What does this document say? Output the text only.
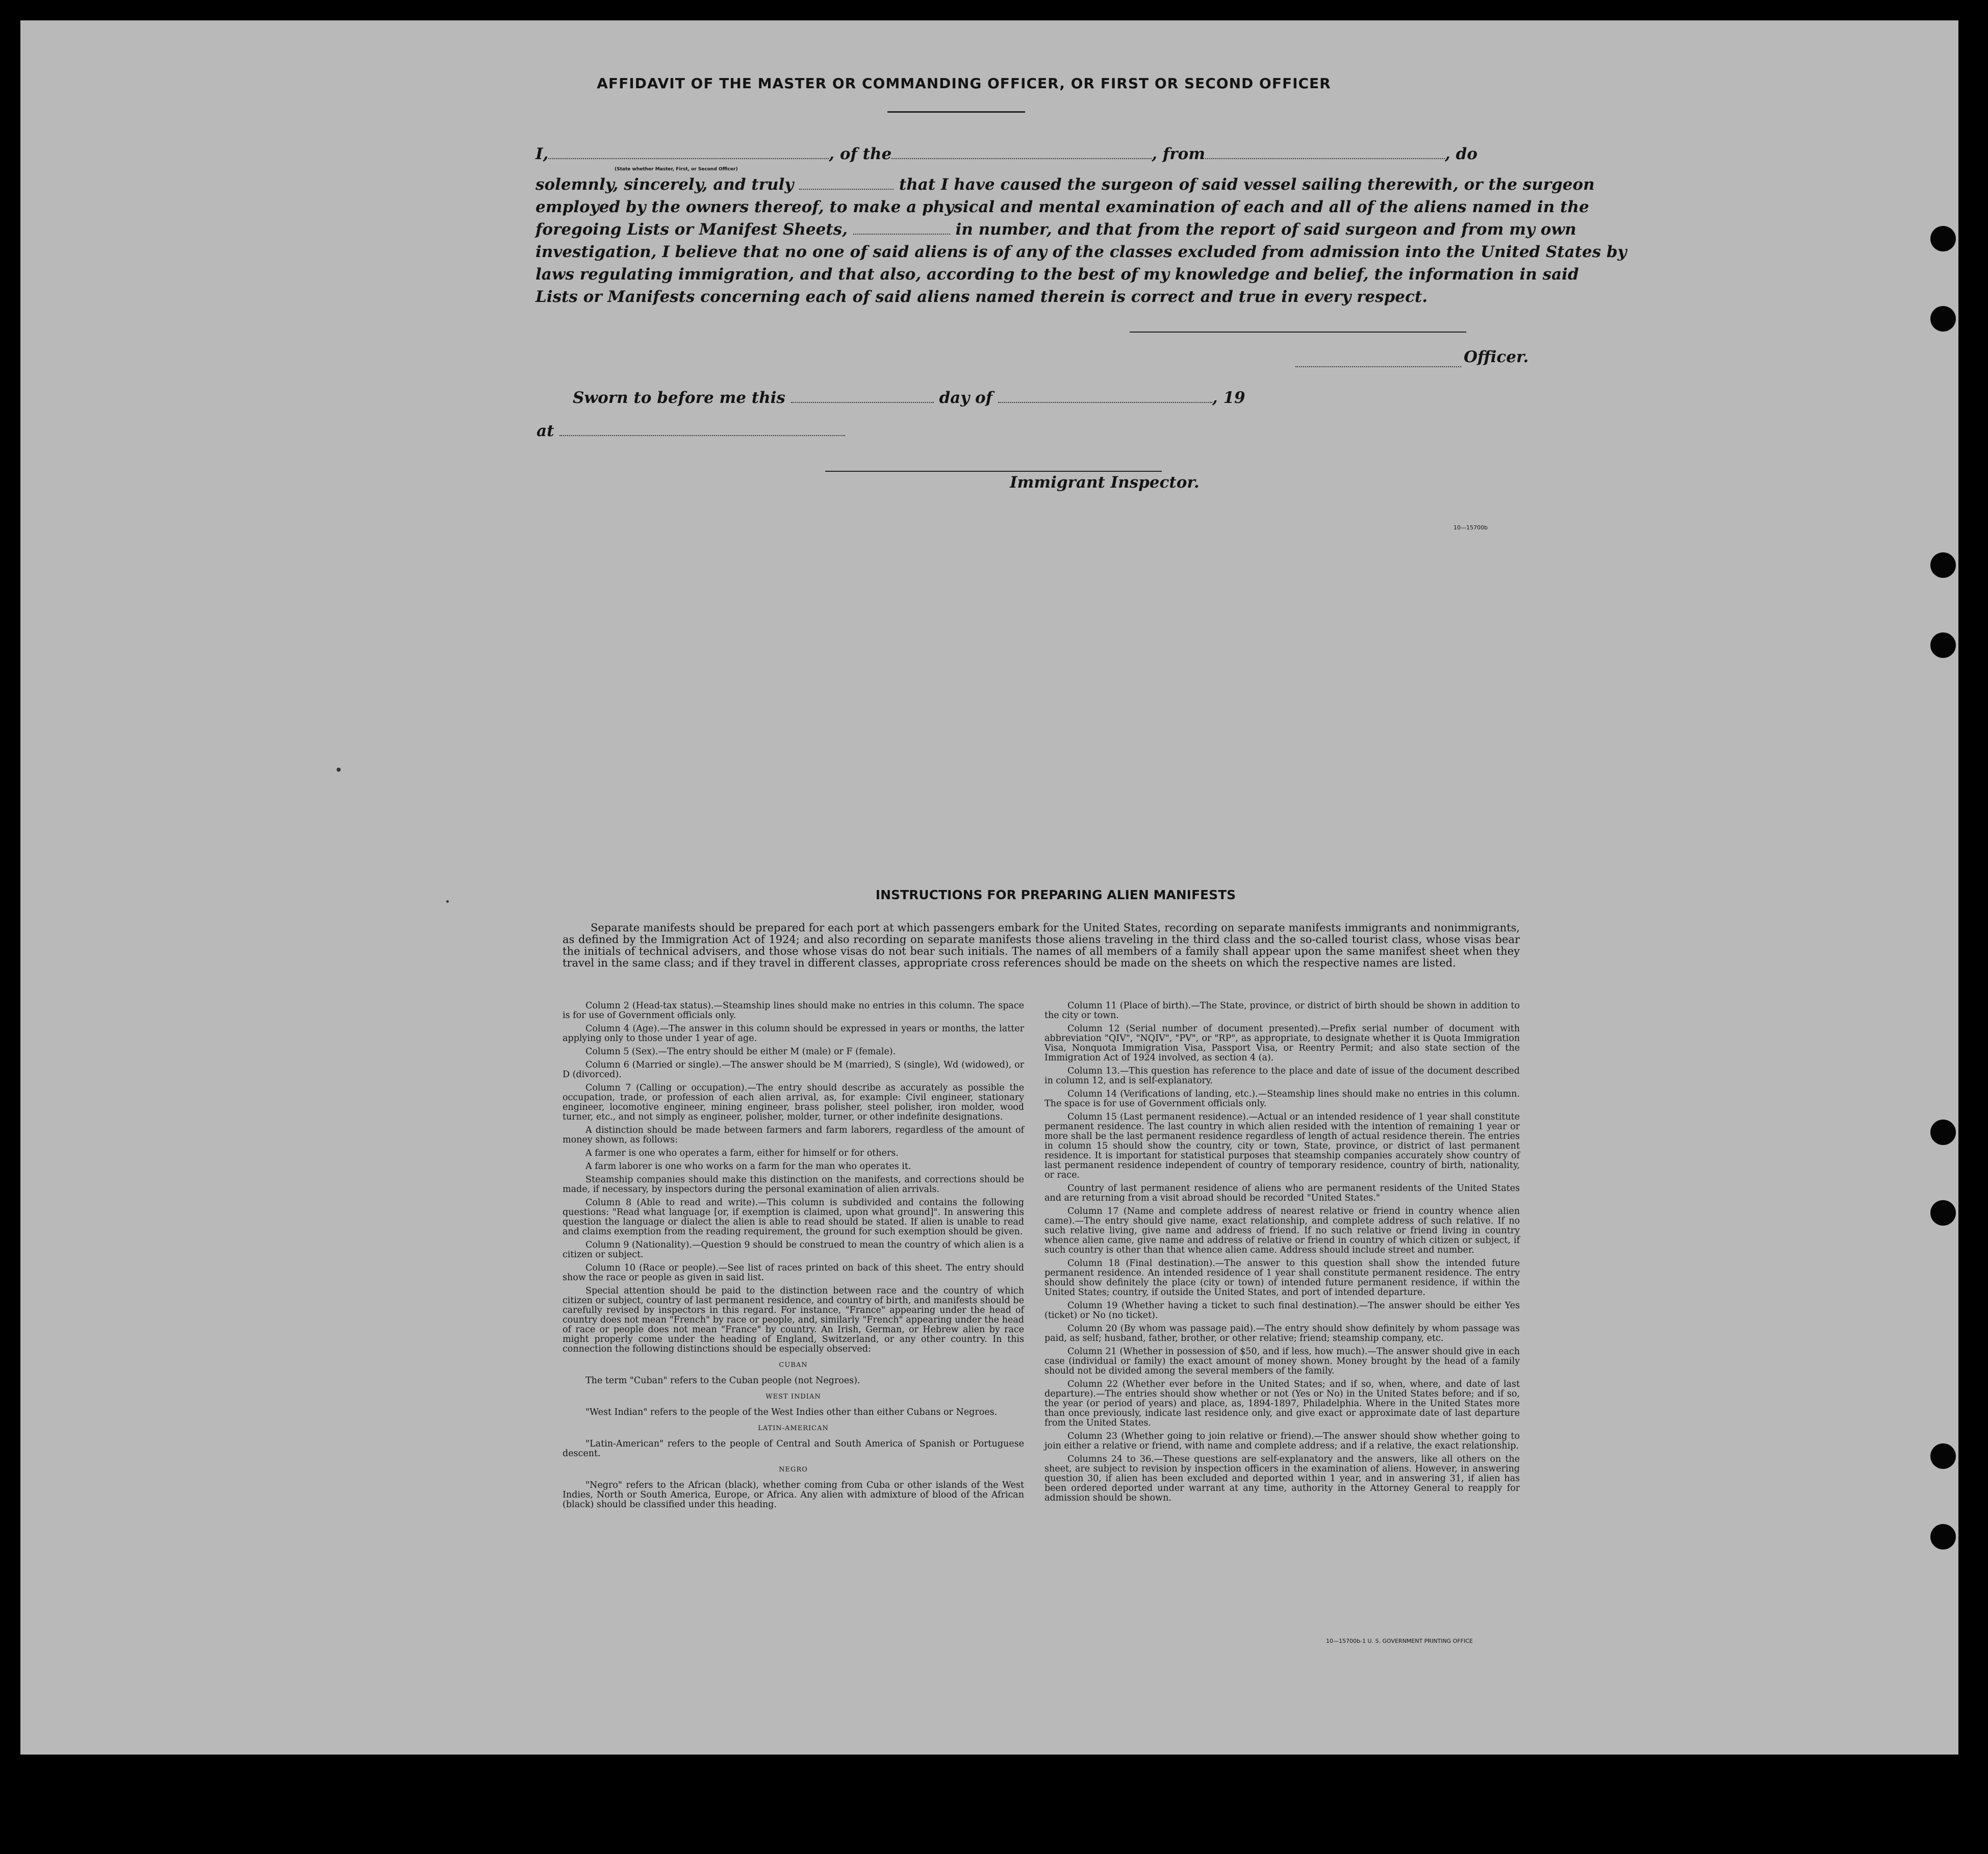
AFFIDAVIT OF THE MASTER OR COMMANDING OFFICER, OR FIRST OR SECOND OFFICER
I,	, of the	, from	, do
(State whether Master, First, or Second Officer)
solemnly, sincerely, and truly	that I have caused the surgeon of said vessel sailing therewith, or the surgeon
employed by the owners thereof, to make a physical and mental examination of each and all of the aliens named in the
foregoing Lists or Manifest Sheets,	in number, and that from the report of said surgeon and from my own
investigation, I believe that no one of said aliens is of any of the classes excluded from admission into the United States by
laws regulating immigration, and that also, according to the best of my knowledge and belief, the information in said
Lists or Manifests concerning each of said aliens named therein is correct and true in every respect.
Officer.
Sworn to before me this	day of	, 19
at
Immigrant Inspector.
10—15700b
INSTRUCTIONS FOR PREPARING ALIEN MANIFESTS

Separate manifests should be prepared for each port at which passengers embark for the United States, recording on separate manifests immigrants and nonimmigrants, as defined by the Immigration Act of 1924; and also recording on separate manifests those aliens traveling in the third class and the so-called tourist class, whose visas bear the initials of technical advisers, and those whose visas do not bear such initials. The names of all members of a family shall appear upon the same manifest sheet when they travel in the same class; and if they travel in different classes, appropriate cross references should be made on the sheets on which the respective names are listed.

Column 2 (Head-tax status).—Steamship lines should make no entries in this column. The space is for use of Government officials only.

Column 4 (Age).—The answer in this column should be expressed in years or months, the latter applying only to those under 1 year of age.

Column 5 (Sex).—The entry should be either M (male) or F (female).

Column 6 (Married or single).—The answer should be M (married), S (single), Wd (widowed), or D (divorced).

Column 7 (Calling or occupation).—The entry should describe as accurately as possible the occupation, trade, or profession of each alien arrival, as, for example: Civil engineer, stationary engineer, locomotive engineer, mining engineer, brass polisher, steel polisher, iron molder, wood turner, etc., and not simply as engineer, polisher, molder, turner, or other indefinite designations.

A distinction should be made between farmers and farm laborers, regardless of the amount of money shown, as follows:

A farmer is one who operates a farm, either for himself or for others.

A farm laborer is one who works on a farm for the man who operates it.

Steamship companies should make this distinction on the manifests, and corrections should be made, if necessary, by inspectors during the personal examination of alien arrivals.

Column 8 (Able to read and write).—This column is subdivided and contains the following questions: "Read what language [or, if exemption is claimed, upon what ground]". In answering this question the language or dialect the alien is able to read should be stated. If alien is unable to read and claims exemption from the reading requirement, the ground for such exemption should be given.

Column 9 (Nationality).—Question 9 should be construed to mean the country of which alien is a citizen or subject.

Column 10 (Race or people).—See list of races printed on back of this sheet. The entry should show the race or people as given in said list.

Special attention should be paid to the distinction between race and the country of which citizen or subject, country of last permanent residence, and country of birth, and manifests should be carefully revised by inspectors in this regard. For instance, "France" appearing under the head of country does not mean "French" by race or people, and, similarly "French" appearing under the head of race or people does not mean "France" by country. An Irish, German, or Hebrew alien by race might properly come under the heading of England, Switzerland, or any other country. In this connection the following distinctions should be especially observed:

CUBAN

The term "Cuban" refers to the Cuban people (not Negroes).

WEST INDIAN

"West Indian" refers to the people of the West Indies other than either Cubans or Negroes.

LATIN-AMERICAN

"Latin-American" refers to the people of Central and South America of Spanish or Portuguese descent.

NEGRO

"Negro" refers to the African (black), whether coming from Cuba or other islands of the West Indies, North or South America, Europe, or Africa. Any alien with admixture of blood of the African (black) should be classified under this heading.

Column 11 (Place of birth).—The State, province, or district of birth should be shown in addition to the city or town.

Column 12 (Serial number of document presented).—Prefix serial number of document with abbreviation "QIV", "NQIV", "PV", or "RP", as appropriate, to designate whether it is Quota Immigration Visa, Nonquota Immigration Visa, Passport Visa, or Reentry Permit; and also state section of the Immigration Act of 1924 involved, as section 4 (a).

Column 13.—This question has reference to the place and date of issue of the document described in column 12, and is self-explanatory.

Column 14 (Verifications of landing, etc.).—Steamship lines should make no entries in this column. The space is for use of Government officials only.

Column 15 (Last permanent residence).—Actual or an intended residence of 1 year shall constitute permanent residence. The last country in which alien resided with the intention of remaining 1 year or more shall be the last permanent residence regardless of length of actual residence therein. The entries in column 15 should show the country, city or town, State, province, or district of last permanent residence. It is important for statistical purposes that steamship companies accurately show country of last permanent residence independent of country of temporary residence, country of birth, nationality, or race.

Country of last permanent residence of aliens who are permanent residents of the United States and are returning from a visit abroad should be recorded "United States."

Column 17 (Name and complete address of nearest relative or friend in country whence alien came).—The entry should give name, exact relationship, and complete address of such relative. If no such relative living, give name and address of friend. If no such relative or friend living in country whence alien came, give name and address of relative or friend in country of which citizen or subject, if such country is other than that whence alien came. Address should include street and number.

Column 18 (Final destination).—The answer to this question shall show the intended future permanent residence. An intended residence of 1 year shall constitute permanent residence. The entry should show definitely the place (city or town) of intended future permanent residence, if within the United States; country, if outside the United States, and port of intended departure.

Column 19 (Whether having a ticket to such final destination).—The answer should be either Yes (ticket) or No (no ticket).

Column 20 (By whom was passage paid).—The entry should show definitely by whom passage was paid, as self; husband, father, brother, or other relative; friend; steamship company, etc.

Column 21 (Whether in possession of $50, and if less, how much).—The answer should give in each case (individual or family) the exact amount of money shown. Money brought by the head of a family should not be divided among the several members of the family.

Column 22 (Whether ever before in the United States; and if so, when, where, and date of last departure).—The entries should show whether or not (Yes or No) in the United States before; and if so, the year (or period of years) and place, as, 1894-1897, Philadelphia. Where in the United States more than once previously, indicate last residence only, and give exact or approximate date of last departure from the United States.

Column 23 (Whether going to join relative or friend).—The answer should show whether going to join either a relative or friend, with name and complete address; and if a relative, the exact relationship.

Columns 24 to 36.—These questions are self-explanatory and the answers, like all others on the sheet, are subject to revision by inspection officers in the examination of aliens. However, in answering question 30, if alien has been excluded and deported within 1 year, and in answering 31, if alien has been ordered deported under warrant at any time, authority in the Attorney General to reapply for admission should be shown.

10—15700b-1 U. S. GOVERNMENT PRINTING OFFICE
